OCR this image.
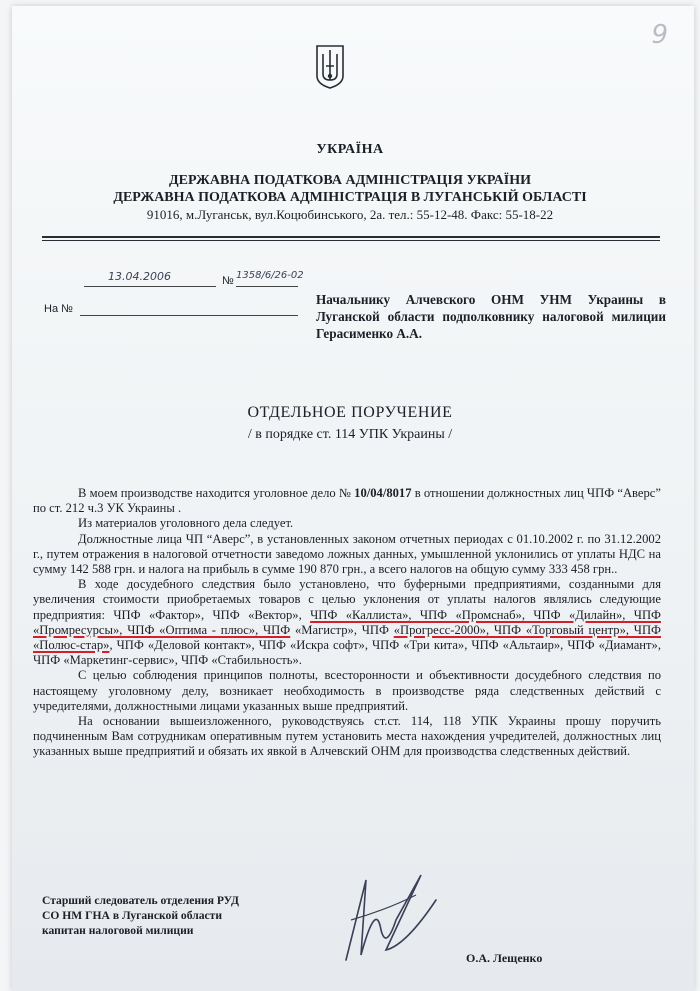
9
УКРАЇНА
ДЕРЖАВНА ПОДАТКОВА АДМІНІСТРАЦІЯ УКРАЇНИ
ДЕРЖАВНА ПОДАТКОВА АДМІНІСТРАЦІЯ В ЛУГАНСЬКІЙ ОБЛАСТІ
91016, м.Луганськ, вул.Коцюбинського, 2а. тел.: 55-12-48. Факс: 55-18-22
13.04.2006	№ 1358/6/26-02
На №
Начальнику Алчевского ОНМ УНМ Украины в Луганской области подполковнику налоговой милиции Герасименко А.А.
ОТДЕЛЬНОЕ ПОРУЧЕНИЕ
/ в порядке ст. 114 УПК Украины /

В моем производстве находится уголовное дело № 10/04/8017 в отношении должностных лиц ЧПФ “Аверс” по ст. 212 ч.3 УК Украины .

Из материалов уголовного дела следует.

Должностные лица ЧП “Аверс”, в установленных законом отчетных периодах с 01.10.2002 г. по 31.12.2002 г., путем отражения в налоговой отчетности заведомо ложных данных, умышленной уклонились от уплаты НДС на сумму 142 588 грн. и налога на прибыль в сумме 190 870 грн., а всего налогов на общую сумму 333 458 грн..

В ходе досудебного следствия было установлено, что буферными предприятиями, созданными для увеличения стоимости приобретаемых товаров с целью уклонения от уплаты налогов являлись следующие предприятия: ЧПФ «Фактор», ЧПФ «Вектор», ЧПФ «Каллиста», ЧПФ «Промснаб», ЧПФ «Дилайн», ЧПФ «Промресурсы», ЧПФ «Оптима - плюс», ЧПФ «Магистр», ЧПФ «Прогресс-2000», ЧПФ «Торговый центр», ЧПФ «Полюс-стар», ЧПФ «Деловой контакт», ЧПФ «Искра софт», ЧПФ «Три кита», ЧПФ «Альтаир», ЧПФ «Диамант», ЧПФ «Маркетинг-сервис», ЧПФ «Стабильность».

С целью соблюдения принципов полноты, всесторонности и объективности досудебного следствия по настоящему уголовному делу, возникает необходимость в производстве ряда следственных действий с учредителями, должностными лицами указанных выше предприятий.

На основании вышеизложенного, руководствуясь ст.ст. 114, 118 УПК Украины прошу поручить подчиненным Вам сотрудникам оперативным путем установить места нахождения учредителей, должностных лиц указанных выше предприятий и обязать их явкой в Алчевский ОНМ для производства следственных действий.

Старший следователь отделения РУД
СО НМ ГНА в Луганской области
капитан налоговой милиции
О.А. Лещенко
